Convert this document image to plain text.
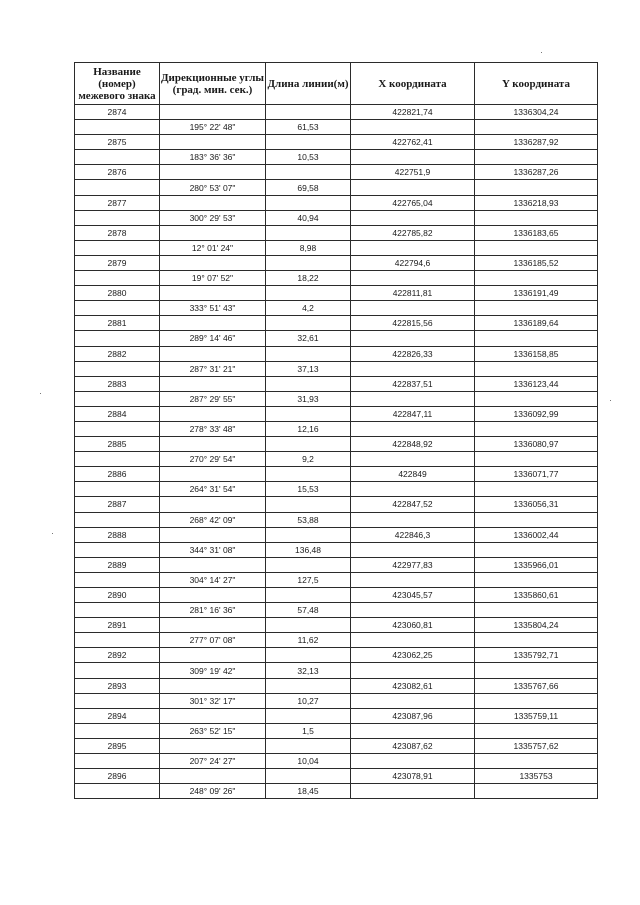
Название (номер) межевого знака	Дирекционные углы (град. мин. сек.)	Длина линии(м)	X координата	Y координата
2874			422821,74	1336304,24
	195° 22' 48"	61,53		
2875			422762,41	1336287,92
	183° 36' 36"	10,53		
2876			422751,9	1336287,26
	280° 53' 07"	69,58		
2877			422765,04	1336218,93
	300° 29' 53"	40,94		
2878			422785,82	1336183,65
	12° 01' 24"	8,98		
2879			422794,6	1336185,52
	19° 07' 52"	18,22		
2880			422811,81	1336191,49
	333° 51' 43"	4,2		
2881			422815,56	1336189,64
	289° 14' 46"	32,61		
2882			422826,33	1336158,85
	287° 31' 21"	37,13		
2883			422837,51	1336123,44
	287° 29' 55"	31,93		
2884			422847,11	1336092,99
	278° 33' 48"	12,16		
2885			422848,92	1336080,97
	270° 29' 54"	9,2		
2886			422849	1336071,77
	264° 31' 54"	15,53		
2887			422847,52	1336056,31
	268° 42' 09"	53,88		
2888			422846,3	1336002,44
	344° 31' 08"	136,48		
2889			422977,83	1335966,01
	304° 14' 27"	127,5		
2890			423045,57	1335860,61
	281° 16' 36"	57,48		
2891			423060,81	1335804,24
	277° 07' 08"	11,62		
2892			423062,25	1335792,71
	309° 19' 42"	32,13		
2893			423082,61	1335767,66
	301° 32' 17"	10,27		
2894			423087,96	1335759,11
	263° 52' 15"	1,5		
2895			423087,62	1335757,62
	207° 24' 27"	10,04		
2896			423078,91	1335753
	248° 09' 26"	18,45		
